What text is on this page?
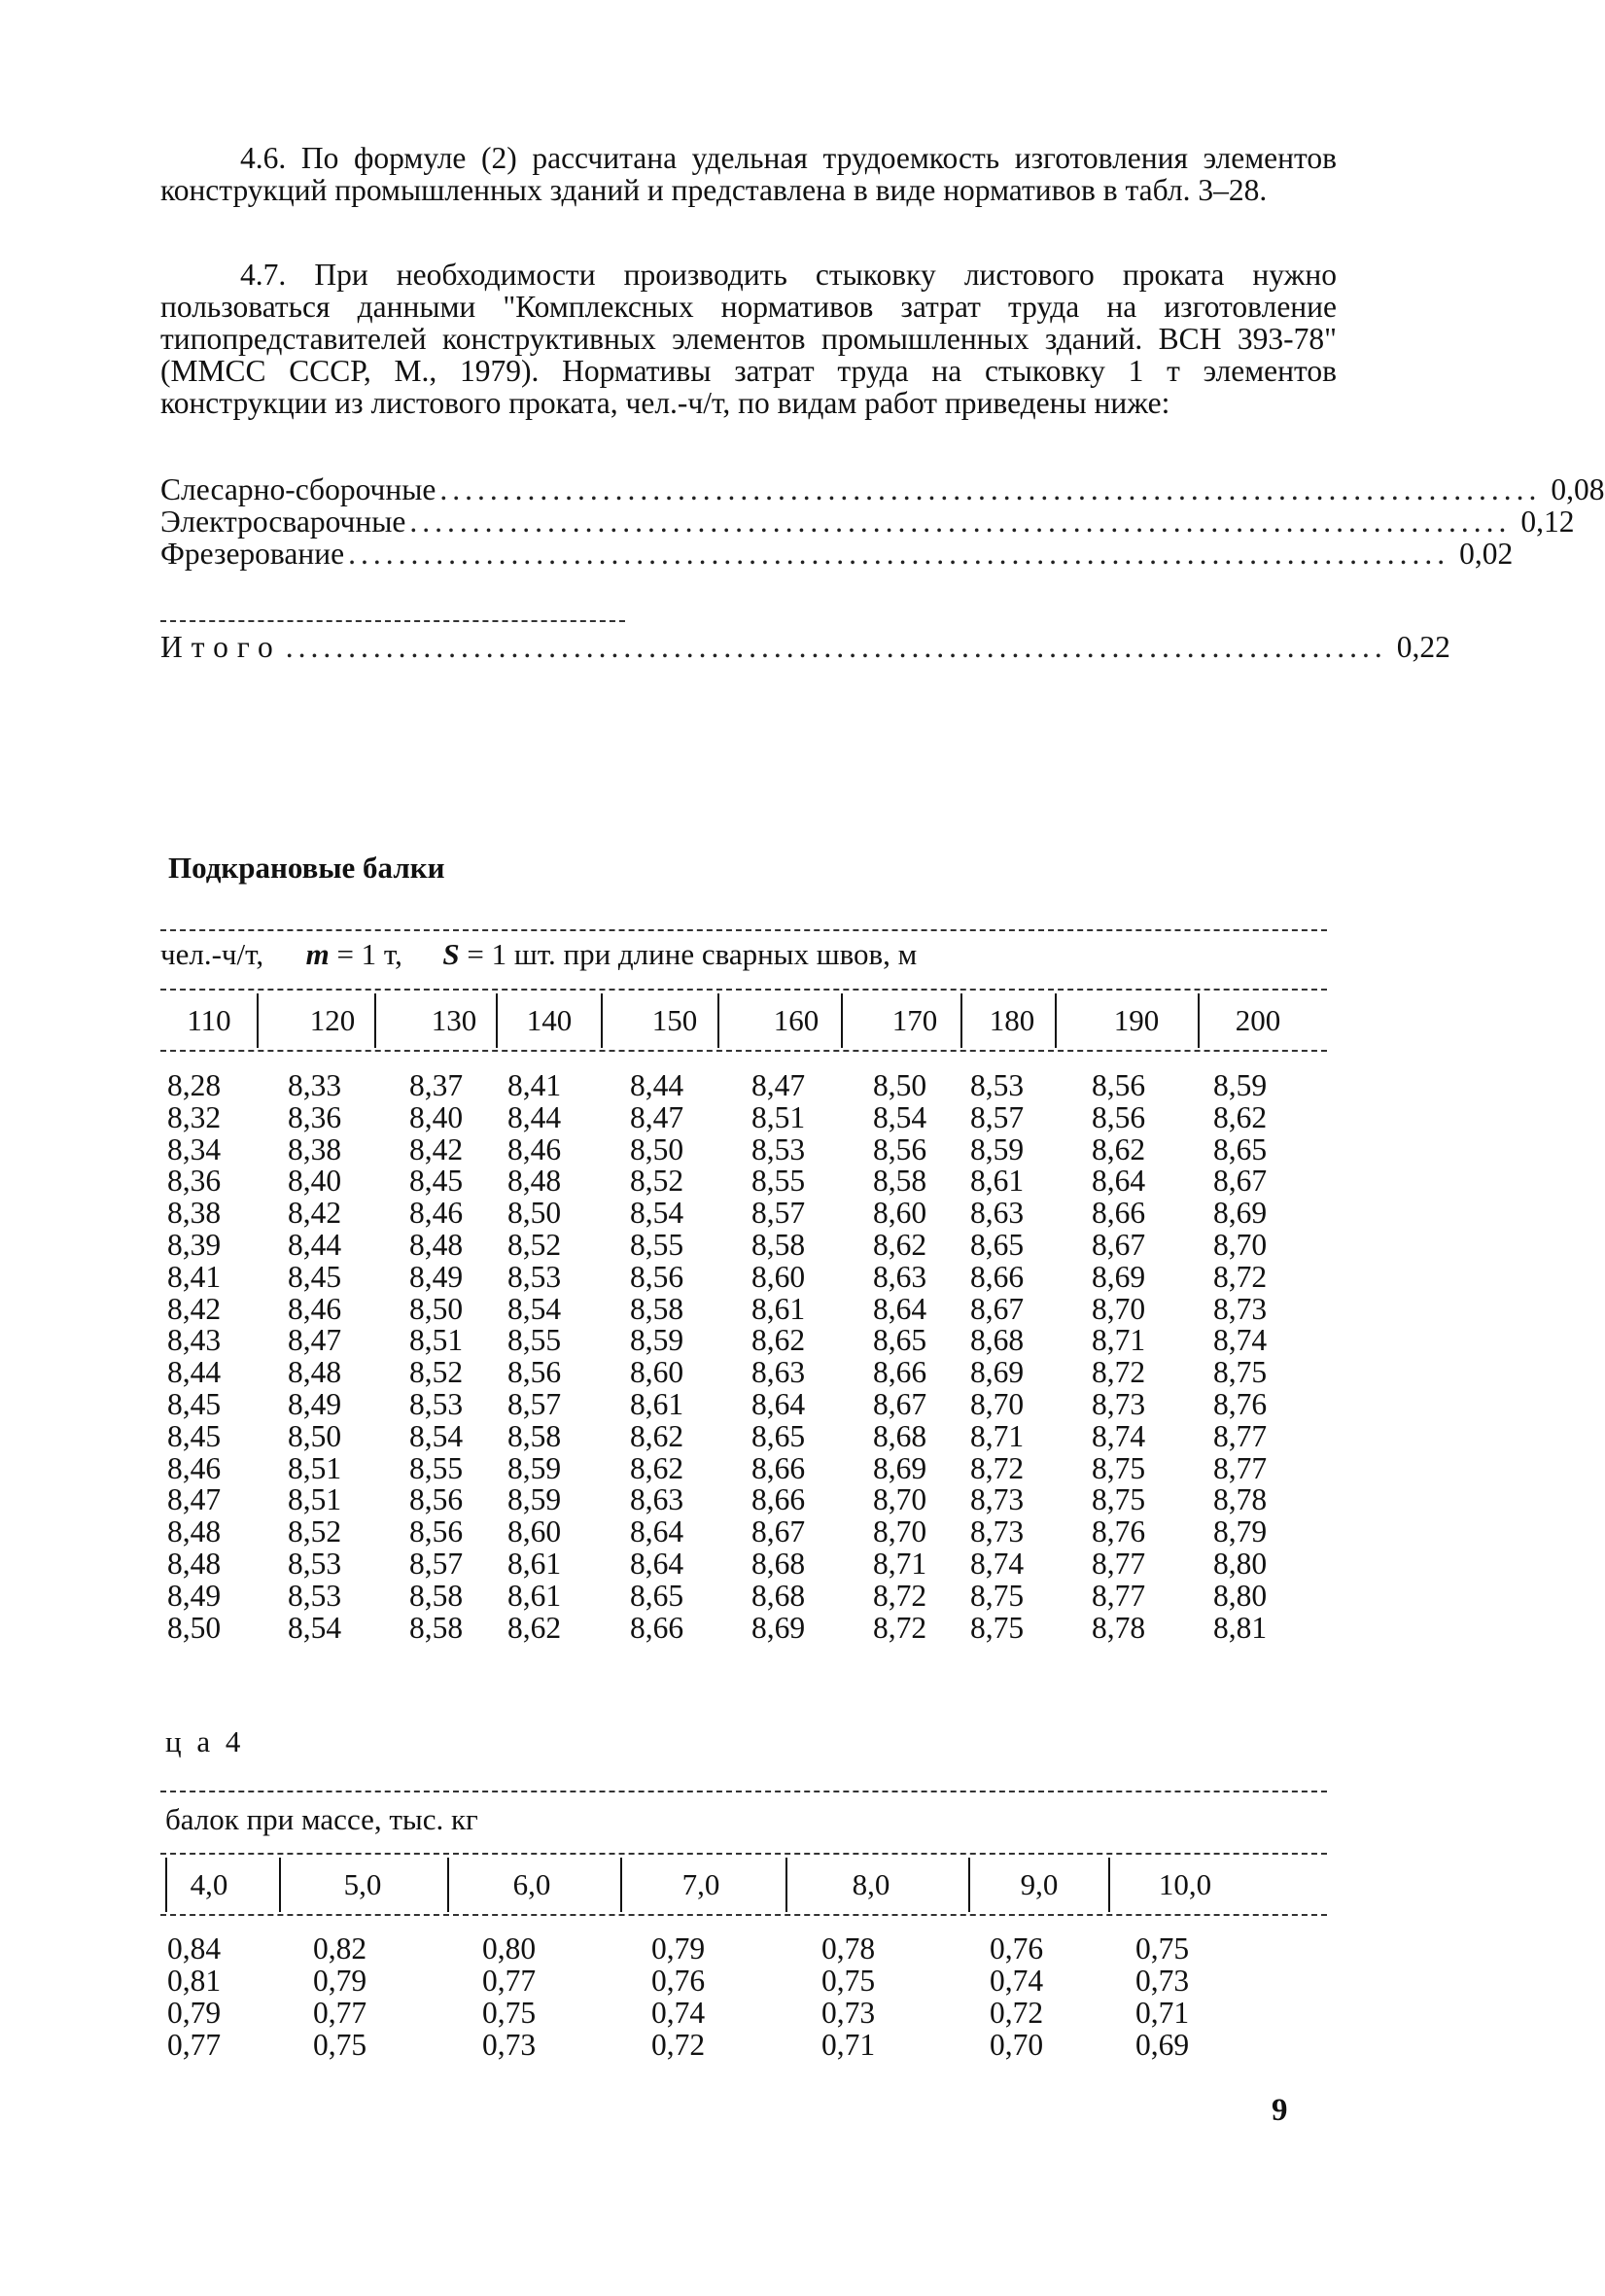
4.6. По формуле (2) рассчитана удельная трудоемкость изготовления элементов конструкций промышленных зданий и представлена в виде нормативов в табл. 3–28.

4.7. При необходимости производить стыковку листового проката нужно пользоваться данными "Комплексных нормативов затрат труда на изготовление типопредставителей конструктивных элементов промышленных зданий. ВСН 393-78" (ММСС СССР, М., 1979). Нормативы затрат труда на стыковку 1 т элементов конструкции из листового проката, чел.-ч/т, по видам работ приведены ниже:

Слесарно-сборочные ........................................................................................ 0,08
Электросварочные ........................................................................................ 0,12
Фрезерование ........................................................................................ 0,02
Итого ........................................................................................ 0,22
Подкрановые балки

чел.-ч/т, m = 1 т, S = 1 шт. при длине сварных швов, м

110	120	130	140	150	160	170	180	190	200
8,28 8,33 8,37 8,41 8,44 8,47 8,50 8,53 8,56 8,59
8,32 8,36 8,40 8,44 8,47 8,51 8,54 8,57 8,56 8,62
8,34 8,38 8,42 8,46 8,50 8,53 8,56 8,59 8,62 8,65
8,36 8,40 8,45 8,48 8,52 8,55 8,58 8,61 8,64 8,67
8,38 8,42 8,46 8,50 8,54 8,57 8,60 8,63 8,66 8,69
8,39 8,44 8,48 8,52 8,55 8,58 8,62 8,65 8,67 8,70
8,41 8,45 8,49 8,53 8,56 8,60 8,63 8,66 8,69 8,72
8,42 8,46 8,50 8,54 8,58 8,61 8,64 8,67 8,70 8,73
8,43 8,47 8,51 8,55 8,59 8,62 8,65 8,68 8,71 8,74
8,44 8,48 8,52 8,56 8,60 8,63 8,66 8,69 8,72 8,75
8,45 8,49 8,53 8,57 8,61 8,64 8,67 8,70 8,73 8,76
8,45 8,50 8,54 8,58 8,62 8,65 8,68 8,71 8,74 8,77
8,46 8,51 8,55 8,59 8,62 8,66 8,69 8,72 8,75 8,77
8,47 8,51 8,56 8,59 8,63 8,66 8,70 8,73 8,75 8,78
8,48 8,52 8,56 8,60 8,64 8,67 8,70 8,73 8,76 8,79
8,48 8,53 8,57 8,61 8,64 8,68 8,71 8,74 8,77 8,80
8,49 8,53 8,58 8,61 8,65 8,68 8,72 8,75 8,77 8,80
8,50 8,54 8,58 8,62 8,66 8,69 8,72 8,75 8,78 8,81

ц а 4

балок при массе, тыс. кг

4,0	5,0	6,0	7,0	8,0	9,0	10,0
0,84	0,82	0,80	0,79	0,78	0,76	0,75
0,81	0,79	0,77	0,76	0,75	0,74	0,73
0,79	0,77	0,75	0,74	0,73	0,72	0,71
0,77	0,75	0,73	0,72	0,71	0,70	0,69
9
